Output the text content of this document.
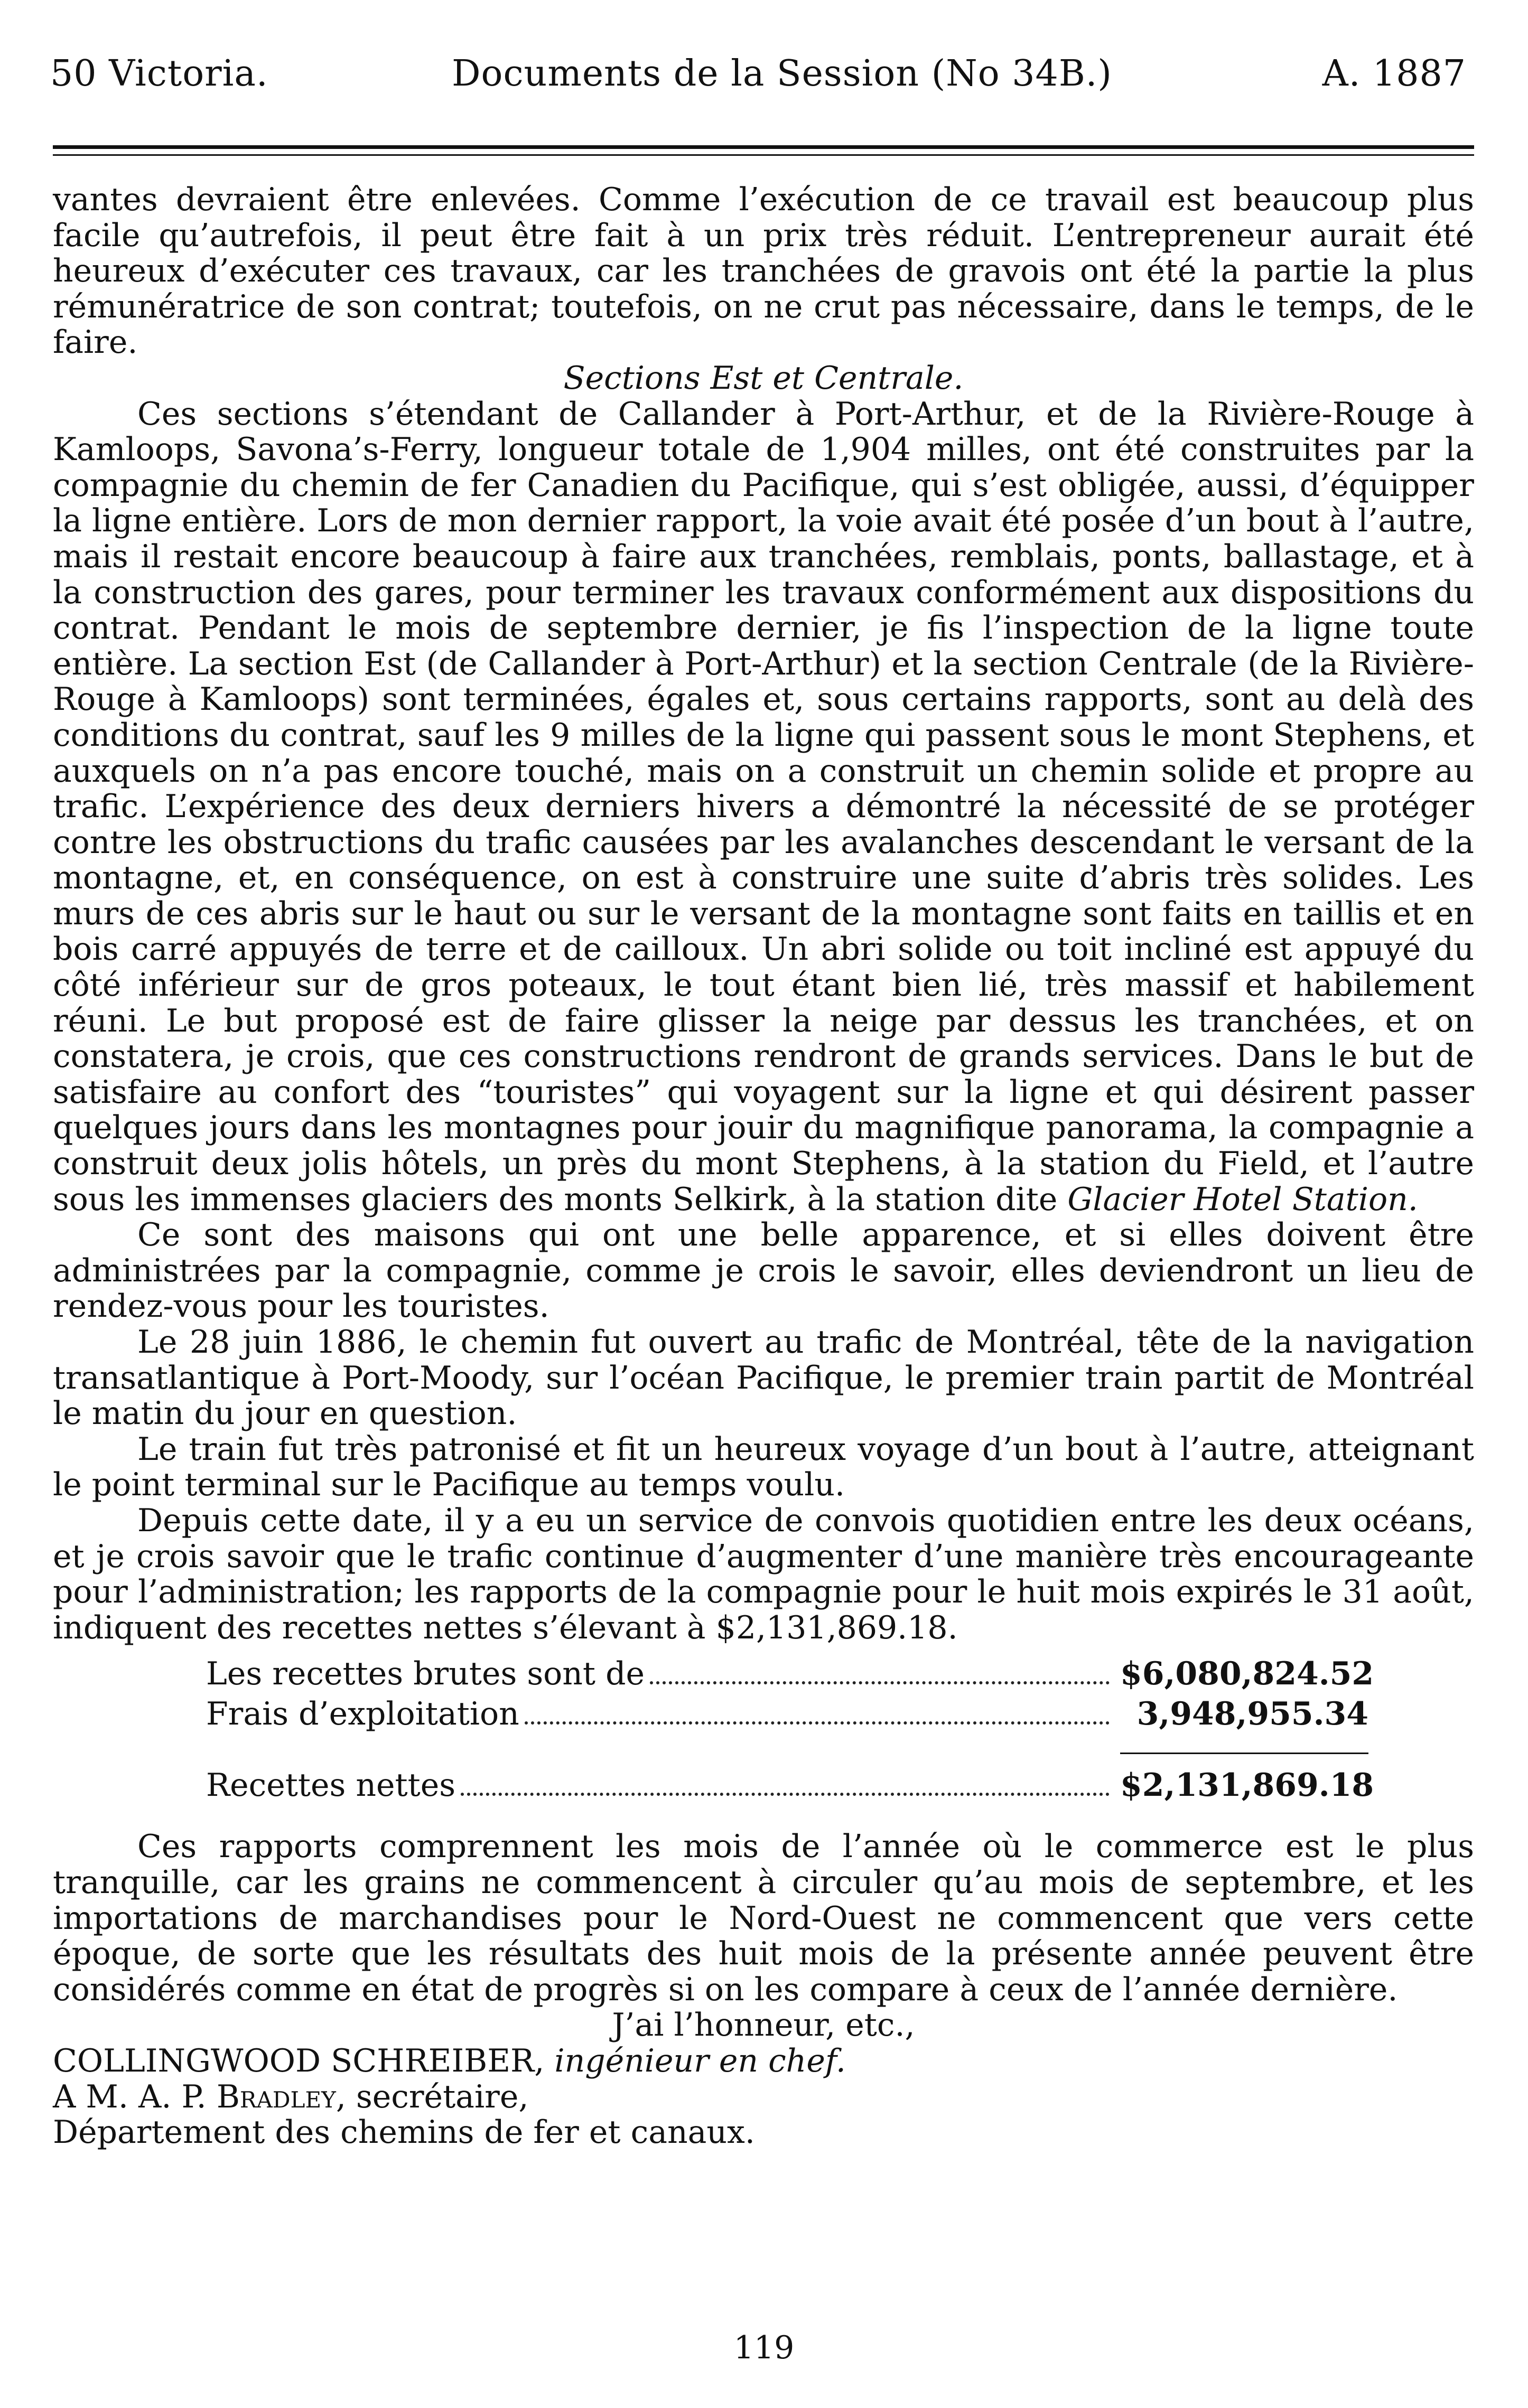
50 Victoria.	Documents de la Session (No 34B.)	A. 1887

vantes devraient être enlevées. Comme l’exécution de ce travail est beaucoup plus facile qu’autrefois, il peut être fait à un prix très réduit. L’entrepreneur aurait été heureux d’exécuter ces travaux, car les tranchées de gravois ont été la partie la plus rémunératrice de son contrat; toutefois, on ne crut pas nécessaire, dans le temps, de le faire.

Sections Est et Centrale.

Ces sections s’étendant de Callander à Port-Arthur, et de la Rivière-Rouge à Kamloops, Savona’s-Ferry, longueur totale de 1,904 milles, ont été construites par la compagnie du chemin de fer Canadien du Pacifique, qui s’est obligée, aussi, d’équipper la ligne entière. Lors de mon dernier rapport, la voie avait été posée d’un bout à l’autre, mais il restait encore beaucoup à faire aux tranchées, remblais, ponts, ballastage, et à la construction des gares, pour terminer les travaux conformément aux dispositions du contrat. Pendant le mois de septembre dernier, je fis l’inspection de la ligne toute entière. La section Est (de Callander à Port-Arthur) et la section Centrale (de la Rivière-Rouge à Kamloops) sont terminées, égales et, sous certains rapports, sont au delà des conditions du contrat, sauf les 9 milles de la ligne qui passent sous le mont Stephens, et auxquels on n’a pas encore touché, mais on a construit un chemin solide et propre au trafic. L’expérience des deux derniers hivers a démontré la nécessité de se protéger contre les obstructions du trafic causées par les avalanches descendant le versant de la montagne, et, en conséquence, on est à construire une suite d’abris très solides. Les murs de ces abris sur le haut ou sur le versant de la montagne sont faits en taillis et en bois carré appuyés de terre et de cailloux. Un abri solide ou toit incliné est appuyé du côté inférieur sur de gros poteaux, le tout étant bien lié, très massif et habilement réuni. Le but proposé est de faire glisser la neige par dessus les tranchées, et on constatera, je crois, que ces constructions rendront de grands services. Dans le but de satisfaire au confort des “touristes” qui voyagent sur la ligne et qui désirent passer quelques jours dans les montagnes pour jouir du magnifique panorama, la compagnie a construit deux jolis hôtels, un près du mont Stephens, à la station du Field, et l’autre sous les immenses glaciers des monts Selkirk, à la station dite Glacier Hotel Station.

Ce sont des maisons qui ont une belle apparence, et si elles doivent être administrées par la compagnie, comme je crois le savoir, elles deviendront un lieu de rendez-vous pour les touristes.

Le 28 juin 1886, le chemin fut ouvert au trafic de Montréal, tête de la navigation transatlantique à Port-Moody, sur l’océan Pacifique, le premier train partit de Montréal le matin du jour en question.

Le train fut très patronisé et fit un heureux voyage d’un bout à l’autre, atteignant le point terminal sur le Pacifique au temps voulu.

Depuis cette date, il y a eu un service de convois quotidien entre les deux océans, et je crois savoir que le trafic continue d’augmenter d’une manière très encourageante pour l’administration; les rapports de la compagnie pour le huit mois expirés le 31 août, indiquent des recettes nettes s’élevant à $2,131,869.18.

Les recettes brutes sont de	$6,080,824.52
Frais d’exploitation	3,948,955.34
Recettes nettes	$2,131,869.18

Ces rapports comprennent les mois de l’année où le commerce est le plus tranquille, car les grains ne commencent à circuler qu’au mois de septembre, et les importations de marchandises pour le Nord-Ouest ne commencent que vers cette époque, de sorte que les résultats des huit mois de la présente année peuvent être considérés comme en état de progrès si on les compare à ceux de l’année dernière.

J’ai l’honneur, etc.,

COLLINGWOOD SCHREIBER, ingénieur en chef.

A M. A. P. Bradley, secrétaire,

Département des chemins de fer et canaux.

119
